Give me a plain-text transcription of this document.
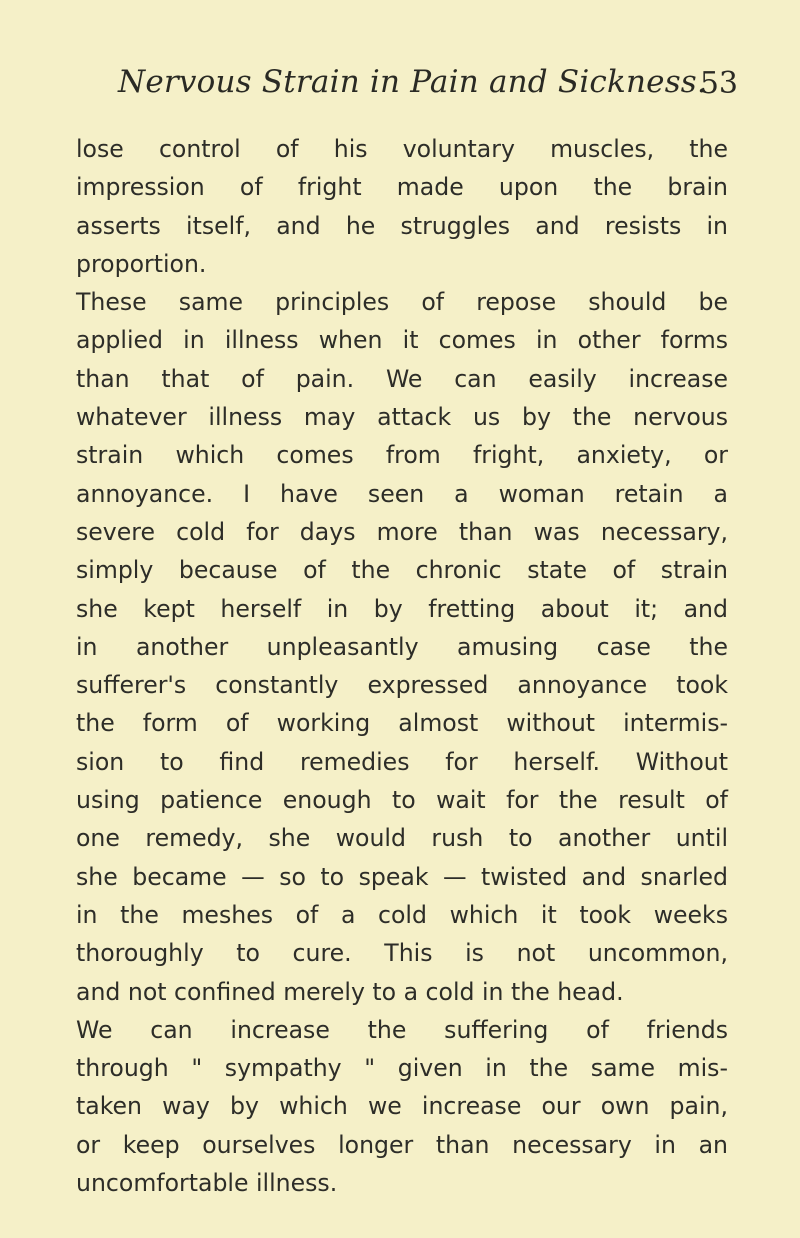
Nervous Strain in Pain and Sickness.
53
lose control of his voluntary muscles, the
impression of fright made upon the brain
asserts itself, and he struggles and resists in
proportion.
These same principles of repose should be
applied in illness when it comes in other forms
than that of pain. We can easily increase
whatever illness may attack us by the nervous
strain which comes from fright, anxiety, or
annoyance. I have seen a woman retain a
severe cold for days more than was necessary,
simply because of the chronic state of strain
she kept herself in by fretting about it; and
in another unpleasantly amusing case the
sufferer's constantly expressed annoyance took
the form of working almost without intermis-
sion to find remedies for herself. Without
using patience enough to wait for the result of
one remedy, she would rush to another until
she became — so to speak — twisted and snarled
in the meshes of a cold which it took weeks
thoroughly to cure. This is not uncommon,
and not confined merely to a cold in the head.
We can increase the suffering of friends
through " sympathy " given in the same mis-
taken way by which we increase our own pain,
or keep ourselves longer than necessary in an
uncomfortable illness.
